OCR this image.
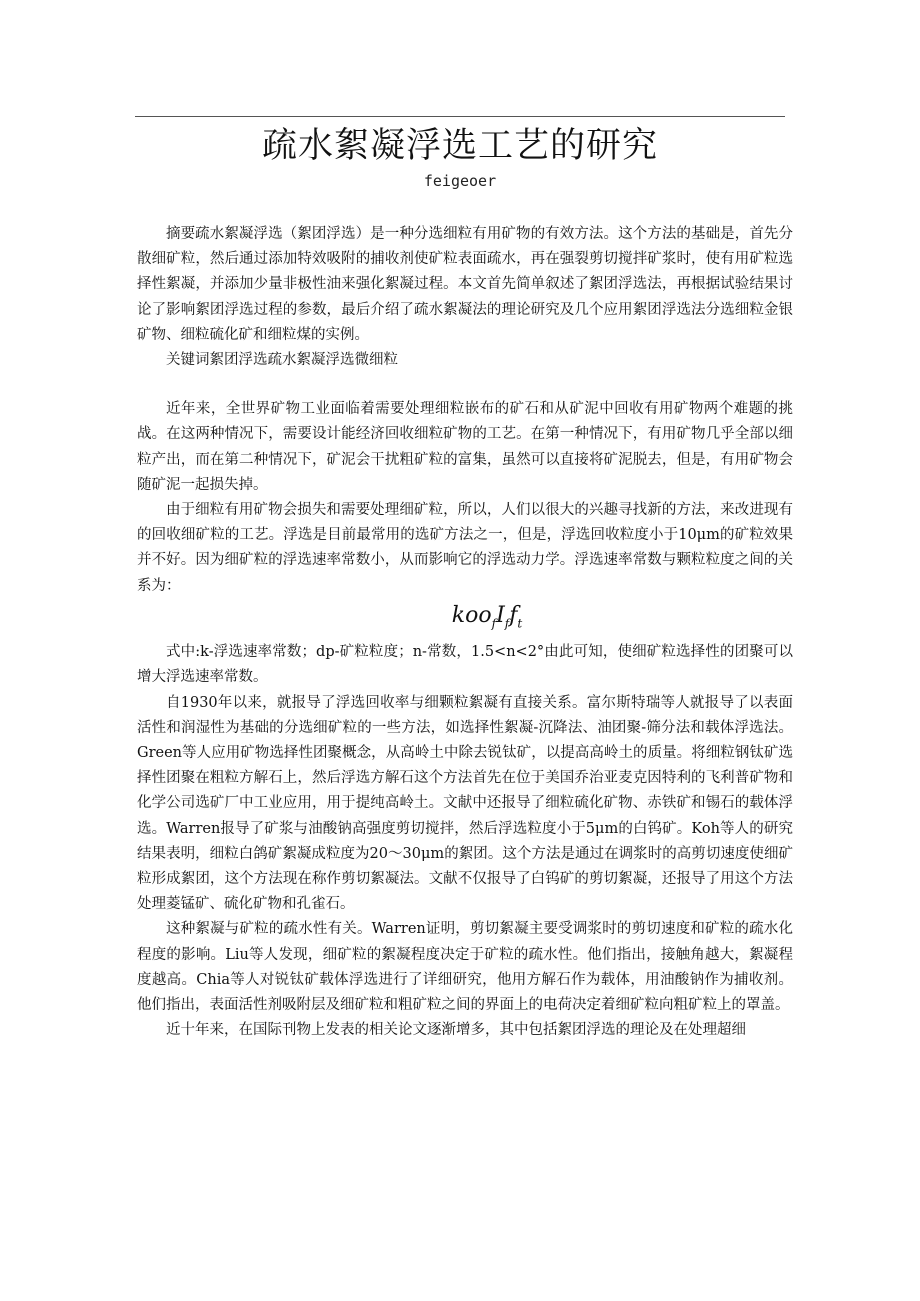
疏水絮凝浮选工艺的研究
feigeoer

摘要疏水絮凝浮选（絮团浮选）是一种分选细粒有用矿物的有效方法。这个方法的基础是，首先分散细矿粒，然后通过添加特效吸附的捕收剂使矿粒表面疏水，再在强裂剪切搅拌矿浆时，使有用矿粒选择性絮凝，并添加少量非极性油来强化絮凝过程。本文首先简单叙述了絮团浮选法，再根据试验结果讨论了影响絮团浮选过程的参数，最后介绍了疏水絮凝法的理论研究及几个应用絮团浮选法分选细粒金银矿物、细粒硫化矿和细粒煤的实例。

关键词絮团浮选疏水絮凝浮选微细粒

近年来，全世界矿物工业面临着需要处理细粒嵌布的矿石和从矿泥中回收有用矿物两个难题的挑战。在这两种情况下，需要设计能经济回收细粒矿物的工艺。在第一种情况下，有用矿物几乎全部以细粒产出，而在第二种情况下，矿泥会干扰粗矿粒的富集，虽然可以直接将矿泥脱去，但是，有用矿物会随矿泥一起损失掉。

由于细粒有用矿物会损失和需要处理细矿粒，所以，人们以很大的兴趣寻找新的方法，来改进现有的回收细矿粒的工艺。浮选是目前最常用的选矿方法之一，但是，浮选回收粒度小于10μm的矿粒效果并不好。因为细矿粒的浮选速率常数小，从而影响它的浮选动力学。浮选速率常数与颗粒粒度之间的关系为：

$koo_fI_ff_t$

式中:k-浮选速率常数；dp-矿粒粒度；n-常数，1.5<n<2°由此可知，使细矿粒选择性的团聚可以增大浮选速率常数。

自1930年以来，就报导了浮选回收率与细颗粒絮凝有直接关系。富尔斯特瑞等人就报导了以表面活性和润湿性为基础的分选细矿粒的一些方法，如选择性絮凝-沉降法、油团聚-筛分法和载体浮选法。Green等人应用矿物选择性团聚概念，从高岭土中除去锐钛矿，以提高高岭土的质量。将细粒钢钛矿选择性团聚在粗粒方解石上，然后浮选方解石这个方法首先在位于美国乔治亚麦克因特利的飞利普矿物和化学公司选矿厂中工业应用，用于提纯高岭土。文献中还报导了细粒硫化矿物、赤铁矿和锡石的载体浮选。Warren报导了矿浆与油酸钠高强度剪切搅拌，然后浮选粒度小于5μm的白钨矿。Koh等人的研究结果表明，细粒白鸽矿絮凝成粒度为20～30μm的絮团。这个方法是通过在调浆时的高剪切速度使细矿粒形成絮团，这个方法现在称作剪切絮凝法。文献不仅报导了白钨矿的剪切絮凝，还报导了用这个方法处理菱锰矿、硫化矿物和孔雀石。

这种絮凝与矿粒的疏水性有关。Warren证明，剪切絮凝主要受调浆时的剪切速度和矿粒的疏水化程度的影响。Liu等人发现，细矿粒的絮凝程度决定于矿粒的疏水性。他们指出，接触角越大，絮凝程度越高。Chia等人对锐钛矿载体浮选进行了详细研究，他用方解石作为载体，用油酸钠作为捕收剂。他们指出，表面活性剂吸附层及细矿粒和粗矿粒之间的界面上的电荷决定着细矿粒向粗矿粒上的罩盖。

近十年来，在国际刊物上发表的相关论文逐渐增多，其中包括絮团浮选的理论及在处理超细
